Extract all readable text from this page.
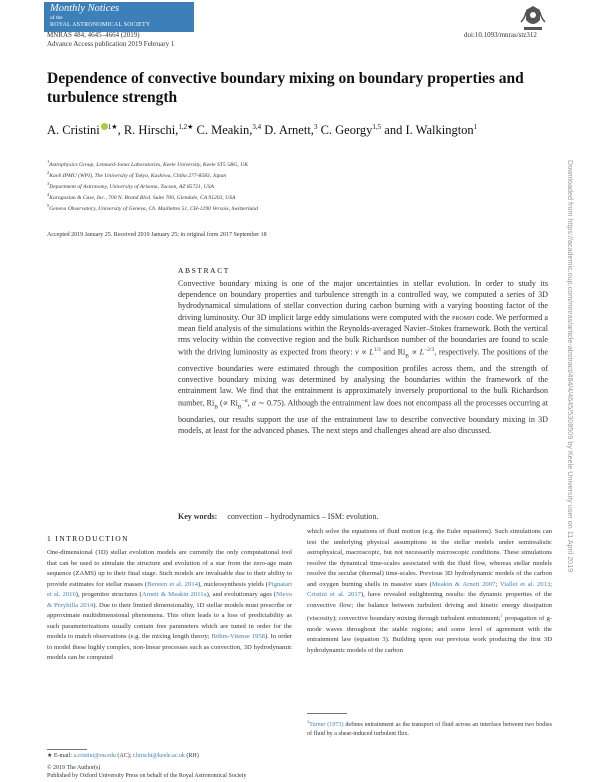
Monthly Notices
of the
ROYAL ASTRONOMICAL SOCIETY
MNRAS 484, 4645–4664 (2019)
Advance Access publication 2019 February 1
doi:10.1093/mnras/stz312
Dependence of convective boundary mixing on boundary properties and turbulence strength
A. Cristini $^{1★}$, R. Hirschi,$^{1,2★}$ C. Meakin,$^{3,4}$ D. Arnett,$^3$ C. Georgy$^{1,5}$ and I. Walkington$^1$
$^1$Astrophysics Group, Lennard-Jones Laboratories, Keele University, Keele ST5 5BG, UK
$^2$Kavli IPMU (WPI), The University of Tokyo, Kashiwa, Chiba 277-8583, Japan
$^3$Department of Astronomy, University of Arizona, Tucson, AZ 85721, USA
$^4$Karagozian & Case, Inc., 700 N. Brand Blvd. Suite 700, Glendale, CA 91203, USA
$^5$Geneva Observatory, University of Geneva, Ch. Maillettes 51, CH-1290 Versoix, Switzerland
Accepted 2019 January 25. Received 2019 January 25; in original form 2017 September 18
ABSTRACT

Convective boundary mixing is one of the major uncertainties in stellar evolution. In order to study its dependence on boundary properties and turbulence strength in a controlled way, we computed a series of 3D hydrodynamical simulations of stellar convection during carbon burning with a varying boosting factor of the driving luminosity. Our 3D implicit large eddy simulations were computed with the prompi code. We performed a mean field analysis of the simulations within the Reynolds-averaged Navier–Stokes framework. Both the vertical rms velocity within the convective region and the bulk Richardson number of the boundaries are found to scale with the driving luminosity as expected from theory: $v \propto L^{1/3}$ and $Ri_B \propto L^{-2/3}$, respectively. The positions of the convective boundaries were estimated through the composition profiles across them, and the strength of convective boundary mixing was determined by analysing the boundaries within the framework of the entrainment law. We find that the entrainment is approximately inversely proportional to the bulk Richardson number, $Ri_B$ (∝ $Ri_B^{-\alpha}$, α ∼ 0.75). Although the entrainment law does not encompass all the processes occurring at boundaries, our results support the use of the entrainment law to describe convective boundary mixing in 3D models, at least for the advanced phases. The next steps and challenges ahead are also discussed.

Key words: convection – hydrodynamics – ISM: evolution.
1 INTRODUCTION

One-dimensional (1D) stellar evolution models are currently the only computational tool that can be used to simulate the structure and evolution of a star from the zero-age main sequence (ZAMS) up to their final stage. Such models are invaluable due to their ability to provide estimates for stellar masses (Bersten et al. 2014), nucleosynthesis yields (Pignatari et al. 2016), progenitor structures (Arnett & Meakin 2011a), and evolutionary ages (Nieva & Przybilla 2014). Due to their limited dimensionality, 1D stellar models must prescribe or approximate multidimensional phenomena. This often leads to a loss of predictability as such parameterizations usually contain free parameters which are tuned in order for the models to match observations (e.g. the mixing length theory; Böhm-Vitense 1958). In order to model these highly complex, non-linear processes such as convection, 3D hydrodynamic models can be computed

which solve the equations of fluid motion (e.g. the Euler equations). Such simulations can test the underlying physical assumptions in the stellar models under semirealistic astrophysical, macroscopic, but not necessarily microscopic conditions. These simulations resolve the dynamical time-scales associated with the fluid flow, whereas stellar models resolve the secular (thermal) time-scales. Previous 3D hydrodynamic models of the carbon and oxygen burning shells in massive stars (Meakin & Arnett 2007; Viallet et al. 2013; Cristini et al. 2017), have revealed enlightening results: the dynamic properties of the convective flow; the balance between turbulent driving and kinetic energy dissipation (viscosity); convective boundary mixing through turbulent entrainment;$^1$ propagation of g-mode waves throughout the stable regions; and some level of agreement with the entrainment law (equation 3). Building upon our previous work producing the first 3D hydrodynamic models of the carbon

$^1$Turner (1973) defines entrainment as the transport of fluid across an interface between two bodies of fluid by a shear-induced turbulent flux.
★ E-mail: a.cristini@ou.edu (AC); r.hirschi@keele.ac.uk (RH)
© 2019 The Author(s)
Published by Oxford University Press on behalf of the Royal Astronomical Society
Downloaded from https://academic.oup.com/mnras/article-abstract/484/4/4645/5308509 by Keele University user on 11 April 2019
